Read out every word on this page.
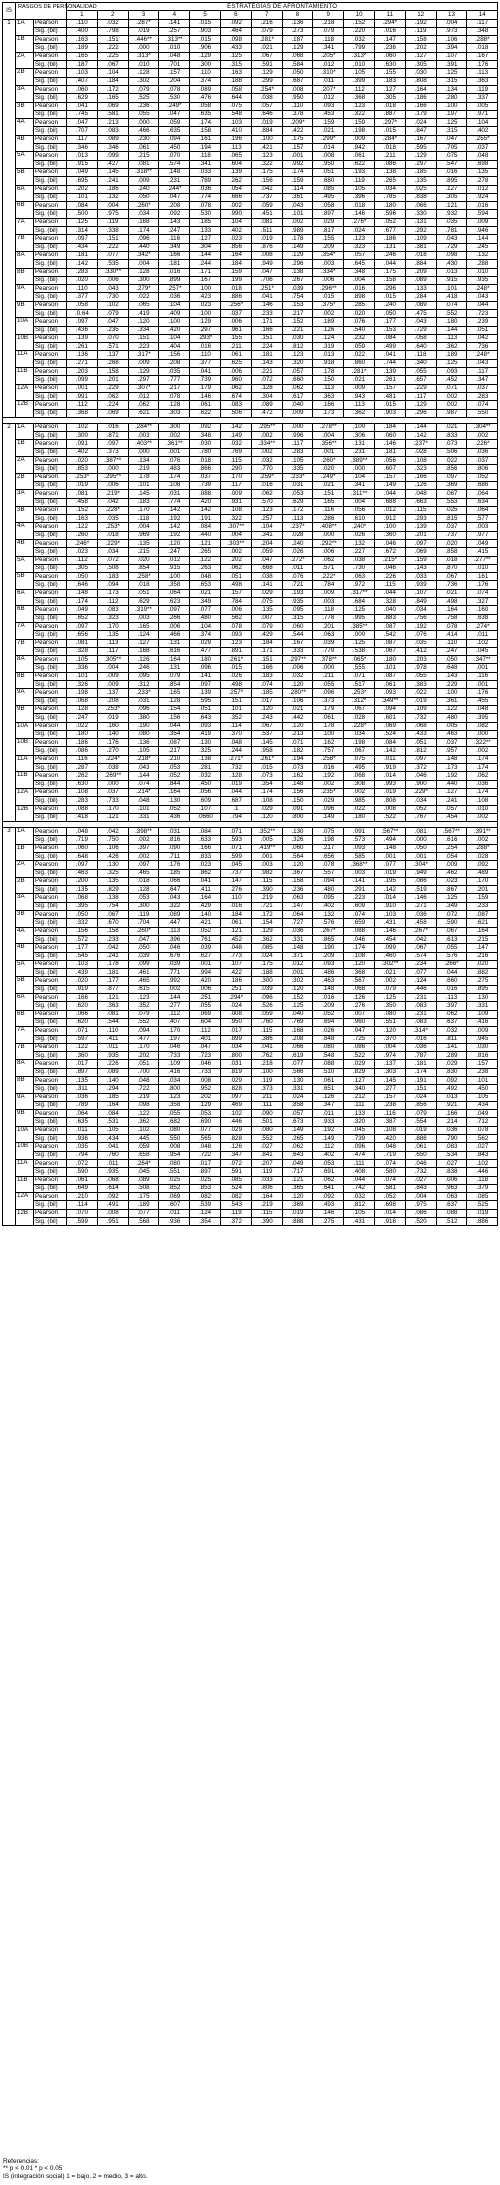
IS	RASGOS DE PERSONALIDAD		ESTRATEGIAS DE AFRONTAMIENTO													
			1	2	3	4	5	6	7	8	9	10	11	12	13	14
1	1A	Pearson	.110	.032	.287*	.141	.015	.092	.216	.136	.218	.152	.294*	.192	.004	.117
		Sig. (bil)	.400	.798	.019	.257	.903	.464	.079	.273	.079	.220	.016	.119	.973	.348
	1B	Pearson	.163	.151	.446**	.313**	.015	.098	.281*	.187	.118	.032	.147	.158	.106	.288*
		Sig. (bil)	.189	.222	.000	.010	.906	.433	.021	.129	.341	.799	.236	.202	.394	.018
	2A	Pearson	.165	.225	.313*	.048	.129	.125	.067	.068	.205*	.313*	.060	.127	.107	.167
		Sig. (bil)	.187	.067	.010	.701	.300	.315	.591	.584	.012	.010	.630	.305	.391	.176
	2B	Pearson	.103	.104	.128	.157	.110	.163	.129	.050	.310*	.105	.155	.030	.125	.113
		Sig. (bil)	.407	.184	.302	.204	.374	.188	.299	.687	.011	.399	.183	.808	.315	.363
	3A	Pearson	.060	.172	.079	.078	.089	.058	.254*	.008	.207*	.112	.127	.164	.134	.119
		Sig. (bil)	.629	.165	.525	.530	.476	.644	.038	.950	.012	.368	.305	.186	.280	.337
	3B	Pearson	.041	.069	.236	.249*	.058	.075	.057	.110	.093	.123	.018	.166	.100	.005
		Sig. (bil)	.745	.581	.055	.047	.635	.548	.646	.378	.453	.322	.887	.179	.197	.971
	4A	Pearson	.047	.213	.000	.059	.174	.103	.019	.209*	.159	.159	.297*	.024	.125	.104
		Sig. (bil)	.707	.083	.466	.635	.158	.410	.884	.422	.021	.198	.015	.847	.315	.402
	4B	Pearson	.117	.089	.230	.094	.161	.196	.100	.175	.299*	.009	.284*	.167	.047	.255*
		Sig. (bil)	.346	.346	.061	.450	.194	.113	.421	.157	.014	.942	.018	.595	.705	.037
	5A	Pearson	.013	.099	.215	.070	.118	.065	.123	.001	.008	.061	.211	.129	.075	.048
		Sig. (bil)	.915	.427	.081	.574	.341	.604	.322	.992	.950	.622	.086	.297	.547	.698
	5B	Pearson	.049	.145	.318**	.148	.033	.139	.175	.174	.051	.193	.138	.185	.016	.135
		Sig. (bil)	.695	.241	.009	.231	.789	.262	.156	.159	.680	.119	.265	.135	.895	.278
	6A	Pearson	.202	.186	.240	.244*	.036	.054	.042	.114	.085	.105	.034	.025	.127	.012
		Sig. (bil)	.101	.132	.050	.047	.774	.666	.737	.361	.495	.396	.785	.838	.305	.924
	6B	Pearson	.084	.004	.260*	.208	.078	.002	.059	.043	.058	.018	.180	.066	.121	.016
		Sig. (bil)	.500	.975	.034	.092	.530	.990	.451	.101	.897	.146	.596	.330	.932	.594
	7A	Pearson	.125	.119	.168	.143	.185	.104	.081	.002	.029	.276*	.052	.131	.035	.009
		Sig. (bil)	.314	.338	.174	.247	.133	.402	.511	.989	.817	.024	.677	.292	.781	.946
	7B	Pearson	.097	.151	.096	.116	.127	.023	.019	.178	.155	.123	.186	.109	.043	.144
		Sig. (bil)	.434	.222	.440	.349	.304	.856	.876	.149	.209	.323	.131	.381	.729	.245
	8A	Pearson	.181	.077	.342*	.166	.144	.164	.008	.129	.354*	.057	.246	.018	.098	.132
		Sig. (bil)	.142	.535	.004	.181	.244	.184	.949	.296	.003	.645	.044	.884	.430	.288
	8B	Pearson	.283	.330**	.128	.016	.171	.159	.047	.138	.334*	.348	.175	.209	.013	.010
		Sig. (bil)	.020	.006	.300	.899	.167	.199	.706	.267	.006	.004	.158	.089	.915	.935
	9A	Pearson	.110	.043	.279*	.257*	.100	.018	.251*	.039	.296**	.016	.296	.133	.101	.248*
		Sig. (bil)	.377	.730	.022	.036	.423	.886	.041	.754	.015	.898	.015	.284	.418	.043
	9B	Pearson	.058	.102	.065	.104	.023	.256*	.146	.153	.375*	.285	.240	.089	.074	.044
		Sig. (bil)	.0.64	.079	.419	.409	.100	.037	.233	.217	.002	.020	.050	.475	.552	.723
	10A	Pearson	.097	.047	.120	.100	.129	.006	.171	.152	.189	.076	.177	.043	.180	.239
		Sig. (bil)	.436	.235	.334	.420	.297	.961	.166	.221	.126	.540	.153	.729	.144	.051
	10B	Pearson	.139	.070	.151	.104	.293*	.155	.151	.030	.124	.232	.084	.058	.113	.042
		Sig. (bil)	.261	.571	.223	.404	.016	.211	.224	.812	.319	.059	.499	.640	.362	.736
	11A	Pearson	.136	.137	.317*	.156	.110	.061	.181	.123	.013	.022	.041	.118	.189	.248*
		Sig. (bil)	.271	.268	.009	.208	.377	.625	.143	.320	.918	.860	.744	.340	.125	.043
	11B	Pearson	.203	.158	.129	.035	.041	.006	.221	.057	.178	.281*	.139	.055	.093	.117
		Sig. (bil)	.099	.201	.297	.777	.739	.960	.072	.660	.150	.021	.261	.657	.452	.347
	12A	Pearson	.001	.229	.307*	.217	.179	.062	.128	.062	.113	.009	.157	.229	.071	.037
		Sig. (bil)	.991	.062	.012	.078	.146	.674	.304	.617	.363	.943	.481	.117	.002	.283
	12B	Pearson	.112	.224	.062	.128	.061	.083	.089	.040	.166	.113	.015	.129	.002	.074
		Sig. (bil)	.368	.069	.621	.303	.622	.506	.472	.009	.173	.362	.903	.296	.987	.550

2	1A	Pearson	.102	.016	.284**	.300	.092	.142	.295**	.000	.278**	.100	.184	.144	.021	.304**
		Sig. (bil)	.300	.871	.003	.002	.348	.149	.002	.996	.004	.306	.060	.142	.833	.002
	1B	Pearson	.091	.097	.403**	.361**	.030	.032	.334**	.117	.356**	.131	.146	.237*	.073	.226*
		Sig. (bil)	.402	.373	.000	.001	.780	.769	.002	.283	.001	.231	.181	.028	.506	.036
	2A	Pearson	.020	.387**	.134	.076	.018	.115	.032	.105	.260*	.389**	.056	.108	.022	.037
		Sig. (bil)	.853	.000	.219	.483	.866	.290	.770	.335	.020	.000	.607	.323	.856	.806
	2B	Pearson	.253*	.295**	.178	.174	.037	.170	.259*	.233*	.249*	.104	.157	.166	.097	.052
		Sig. (bil)	.019	.006	.101	.108	.739	.117	.016	.031	.021	.341	.149	.126	.369	.686
	3A	Pearson	.081	.219*	.145	.031	.088	.009	.062	.053	.151	.311**	.044	.048	.067	.064
		Sig. (bil)	.458	.042	.183	.774	.420	.931	.570	.629	.165	.004	.688	.663	.553	.634
	3B	Pearson	.152	.228*	.170	.142	.142	.108	.123	.172	.116	.056	.012	.115	.025	.064
		Sig. (bil)	.163	.035	.118	.192	.191	.322	.257	.113	.286	.610	.912	.293	.815	.577
	4A	Pearson	.122	.253*	.004	.142	.084	.307**	.104	.237*	.408**	.240*	.100	.139	.037	.003
		Sig. (bil)	.260	.018	.969	.192	.440	.004	.341	.028	.000	.026	.360	.201	.737	.977
	4B	Pearson	.246*	.229*	.135	.120	.121	.303**	.204	.240	.292**	.132	.046	.097	.020	.049
		Sig. (bil)	.023	.034	.215	.247	.265	.002	.059	.026	.006	.227	.672	.069	.858	.415
	5A	Pearson	.112	.072	.020	.012	.122	.202	.047	.272*	.062	.038	.215*	.159	.018	.277**
		Sig. (bil)	.305	.508	.854	.915	.263	.062	.668	.011	.571	.730	.046	.143	.870	.010
	5B	Pearson	.050	.183	.258*	.100	.048	.051	.038	.076	.222*	.063	.226	.033	.067	.161
		Sig. (bil)	.646	.094	.018	.358	.653	.498	.141	.721	.784	.972	.115	.939	.736	.176
	6A	Pearson	.148	.173	.051	.064	.021	.157	.029	.193	.009	.317**	.044	.107	.021	.074
		Sig. (bil)	.174	.112	.629	.623	.349	.784	.075	.935	.003	.684	.328	.849	.498	.327
	6B	Pearson	.049	.083	.319**	.097	.077	.006	.135	.095	.118	.125	.040	.034	.164	.160
		Sig. (bil)	.652	.323	.003	.266	.480	.562	.007	.315	.778	.995	.883	.756	.758	.638
	7A	Pearson	.097	.170	.165	.006	.104	.078	.079	.060	.201	.385**	.087	.192	.078	.274*
		Sig. (bil)	.656	.135	.124	.466	.374	.093	.429	.544	.063	.000	.542	.076	.414	.011
	7B	Pearson	.081	.113	.127	.131	.029	.123	.184	.167	.039	.125	.087	.035	.110	.102
		Sig. (bil)	.328	.117	.168	.616	.477	.891	.171	.333	.779	.538	.067	.412	.247	.045
	8A	Pearson	.105	.305**	.126	.164	.180	.261*	.151	.297**	.378**	.065*	.180	.203	.050	.347**
		Sig. (bil)	.336	.004	.246	.131	.096	.015	.166	.006	.000	.555	.101	.978	.648	.001
	8B	Pearson	.101	.009	.095	.079	.141	.026	.183	.032	.211	.071	.087	.055	.143	.116
		Sig. (bil)	.326	.009	.312	.854	.097	.498	.074	.120	.055	.517	.061	.383	.229	.001
	9A	Pearson	.198	.137	.233*	.165	.139	.257*	.185	.280**	.096	.253*	.093	.022	.100	.176
		Sig. (bil)	.068	.208	.031	.128	.595	.151	.017	.106	.373	.312*	.349**	.019	.361	.455
	9B	Pearson	.128	.253*	.096	.154	.051	.101	.120	.021	.179	.067	.094	.109	.122	.048
		Sig. (bil)	.247	.019	.380	.156	.643	.352	.243	.442	.061	.028	.601	.732	.480	.395
	10A	Pearson	.022	.160	.190	.044	.093	.114	.067	.120	.178	.228*	.069	.068	.005	.082
		Sig. (bil)	.180	.140	.080	.354	.419	.370	.537	.213	.100	.034	.524	.433	.463	.000
	10B	Pearson	.186	.176	.136	.087	.130	.048	.145	.071	.162	.198	.084	.051	.037	.322**
		Sig. (bil)	.086	.270	.105	.217	.325	.244	.958	.182	.757	.067	.142	.812	.957	.002
	11A	Pearson	.116	.224*	.218*	.210	.138	.271*	.261*	.194	.258*	.075	.011	.097	.148	.174
		Sig. (bil)	.287	.038	.043	.053	.281	.732	.015	.073	.016	.495	.919	.372	.173	.174
	11B	Pearson	.262	.269**	.144	.052	.032	.128	.073	.162	.192	.068	.014	.046	.192	.062
		Sig. (bil)	.630	.000	.074	.844	.450	.019	.354	.148	.002	.308	.993	.900	.440	.036
	12A	Pearson	.108	.037	.214*	.164	.056	.044	.174	.156	.235*	.002	.019	.229*	.127	.174
		Sig. (bil)	.283	.733	.048	.130	.609	.687	.108	.150	.029	.985	.808	.034	.241	.108
	12B	Pearson	.088	.170	.101	.052	.107	.1	.029	.091	.096	.022	.008	.052	.057	.010
		Sig. (bil)	.418	.121	.331	.436	.0660	.794	.120	.800	.149	.180	.522	.767	.454	.002

3	1A	Pearson	.048	.042	.398**	.031	.084	.071	.352**	.130	.075	.091	.567**	.081	.567**	.391**
		Sig. (bil)	.719	.750	.002	.816	.633	.593	.005	.326	.198	.573	.494	.000	.616	.002
	1B	Pearson	.060	.106	.397	.090	.166	.071	.419**	.060	.217	.093	.148	.050	.254	.288*
		Sig. (bil)	.648	.426	.002	.711	.833	.599	.001	.564	.656	.585	.001	.001	.054	.028
	2A	Pearson	.097	.130	.097	.176	.023	.045	.003	.120	.078	.368**	.077	.304*	.009	.092
		Sig. (bil)	.463	.325	.465	.185	.862	.737	.982	.367	.557	.003	.019	.949	.462	.489
	2B	Pearson	.200	.135	.018	.066	.041	.147	.115	.158	.094	.141	.195	.086	.023	.170
		Sig. (bil)	.135	.829	.128	.647	.411	.276	.390	.236	.480	.291	.142	.519	.867	.201
	3A	Pearson	.068	.138	.053	.043	.164	.110	.219	.063	.095	.223	.014	.146	.125	.159
		Sig. (bil)	.395	.754	.300	.322	.429	.016	.721	.147	.402	.609	.910	.271	.349	.233
	3B	Pearson	.050	.067	.119	.089	.140	.184	.172	.064	.132	.074	.103	.036	.072	.087
		Sig. (bil)	.332	.670	.704	.447	.421	.061	.154	.727	.576	.659	.431	.458	.590	.621
	4A	Pearson	.156	.158	.260*	.113	.052	.121	.129	.036	.267*	.088	.146	.267*	.067	.164
		Sig. (bil)	.572	.233	.047	.396	.761	.452	.362	.331	.865	.046	.454	.042	.613	.215
	4B	Pearson	.177	.042	.050	.046	.039	.048	.085	.148	.190	.174	.099	.067	.055	.147
		Sig. (bil)	.545	.241	.039	.676	.627	.773	.024	.371	.209	.108	.460	.574	.576	.216
	5A	Pearson	.103	.178	.099	.039	.001	.107	.175	.012	.093	.120	.302**	.234	.266*	.020
		Sig. (bil)	.439	.181	.461	.771	.994	.422	.188	.001	.486	.368	.021	.077	.044	.882
	5B	Pearson	.020	.177	.465	.992	.420	.186	.300	.302	.463	.567	.002	.124	.660	.275
		Sig. (bil)	.919	.877	.615	.002	.006	.251	.039	.120	.148	.068	.079	.446	.016	.895
	6A	Pearson	.166	.121	.123	.144	.251	.294*	.096	.152	.016	.126	.125	.231	.113	.130
		Sig. (bil)	.620	.363	.352	.277	.055	.024	.526	.125	.209	.276	.350	.083	.397	.331
	6B	Pearson	.066	.081	.079	.112	.069	.008	.059	.040	.052	.007	.080	.231	.062	.109
		Sig. (bil)	.620	.544	.552	.407	.604	.950	.760	.769	.694	.960	.551	.083	.637	.416
	7A	Pearson	.071	.110	.094	.170	.112	.017	.115	.168	.026	.047	.120	.314*	.032	.009
		Sig. (bil)	.597	.411	.477	.197	.401	.899	.386	.208	.848	.725	.370	.016	.811	.945
	7B	Pearson	.122	.011	.170	.046	.047	.034	.041	.066	.080	.086	.004	.036	.141	.030
		Sig. (bil)	.360	.935	.202	.733	.723	.800	.762	.619	.548	.522	.974	.787	.289	.816
	8A	Pearson	.017	.226	.051	.109	.046	.031	.218	.077	.088	.029	.137	.181	.029	.157
		Sig. (bil)	.897	.089	.700	.416	.733	.819	.100	.566	.510	.829	.303	.174	.830	.238
	8B	Pearson	.135	.140	.048	.034	.008	.029	.119	.130	.061	.127	.145	.191	.092	.101
		Sig. (bil)	.311	.294	.722	.800	.952	.828	.373	.331	.651	.340	.277	.151	.492	.450
	9A	Pearson	.036	.185	.219	.123	.202	.097	.211	.024	.126	.212	.157	.024	.013	.105
		Sig. (bil)	.789	.164	.098	.358	.129	.469	.111	.858	.347	.111	.238	.856	.921	.434
	9B	Pearson	.064	.084	.122	.055	.053	.102	.090	.057	.011	.133	.116	.079	.166	.049
		Sig. (bil)	.635	.531	.362	.682	.690	.446	.501	.673	.933	.320	.387	.554	.214	.712
	10A	Pearson	.011	.105	.102	.080	.077	.029	.080	.149	.192	.045	.108	.019	.036	.078
		Sig. (bil)	.936	.434	.445	.550	.565	.828	.552	.265	.149	.739	.420	.886	.790	.562
	10B	Pearson	.035	.041	.059	.008	.048	.126	.027	.062	.112	.096	.048	.061	.083	.027
		Sig. (bil)	.794	.760	.658	.954	.722	.347	.841	.643	.402	.474	.719	.650	.534	.843
	11A	Pearson	.072	.011	.264*	.080	.017	.072	.207	.049	.053	.111	.074	.046	.027	.102
		Sig. (bil)	.590	.935	.045	.551	.897	.591	.119	.717	.691	.408	.580	.732	.838	.446
	11B	Pearson	.061	.068	.089	.025	.025	.085	.033	.121	.062	.044	.074	.027	.006	.118
		Sig. (bil)	.649	.614	.508	.852	.853	.524	.806	.365	.641	.742	.581	.843	.963	.379
	12A	Pearson	.210	.092	.175	.069	.082	.082	.164	.120	.092	.032	.052	.004	.063	.085
		Sig. (bil)	.114	.491	.189	.607	.539	.543	.219	.369	.493	.812	.698	.975	.637	.525
	12B	Pearson	.070	.008	.077	.011	.124	.119	.115	.019	.146	.105	.014	.086	.088	.019
		Sig. (bil)	.599	.951	.568	.936	.354	.372	.390	.888	.275	.431	.918	.520	.512	.886
Referencias:
** p < 0.01 * p < 0.05
IS (integración social) 1 = bajo, 2 = medio, 3 = alto.
